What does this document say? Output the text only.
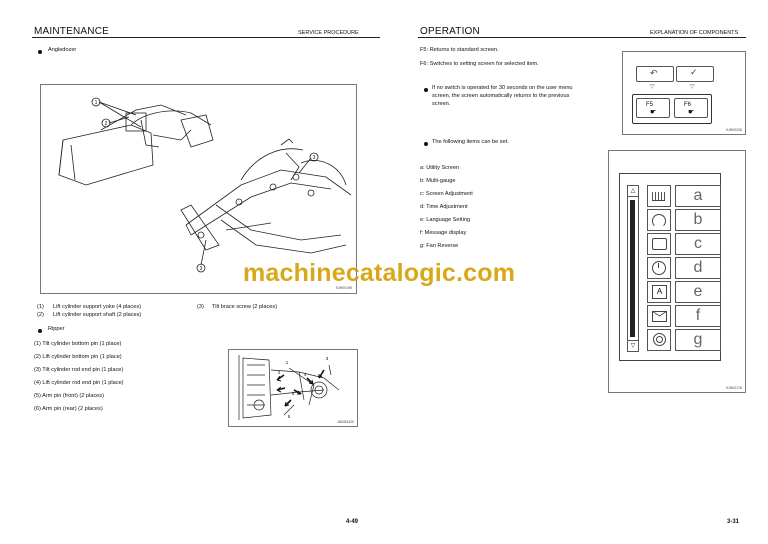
MAINTENANCE	SERVICE PROCEDURE
Angledozer
1
2
3
3
9JH00195
(1) Lift cylinder support yoke (4 places)
(2) Lift cylinder support shaft (2 places)
(3) Tilt brace screw (2 places)
Ripper
(1) Tilt cylinder bottom pin (1 place)
(2) Lift cylinder bottom pin (1 place)
(3) Tilt cylinder rod end pin (1 place)
(4) Lift cylinder rod end pin (1 place)
(5) Arm pin (front) (2 places)
(6) Arm pin (rear) (2 places)
1
2
3
4
5
6
AD053420
4-49
OPERATION	EXPLANATION OF COMPONENTS
F5: Returns to standard screen.
F6: Switches to setting screen for selected item.
If no switch is operated for 30 seconds on the user menu
screen, the screen automatically returns to the previous
screen.
The following items can be set.
a: Utility Screen
b: Multi-gauge
c: Screen Adjustment
d: Time Adjustment
e: Language Setting
f: Message display
g: Fan Reverse
↶	✓
▽	▽
F5
☛
F6
☛
9JH00226
△
▽
A
a
b
c
d
e
f
g
9JH00176
3-31
machinecatalogic.com
